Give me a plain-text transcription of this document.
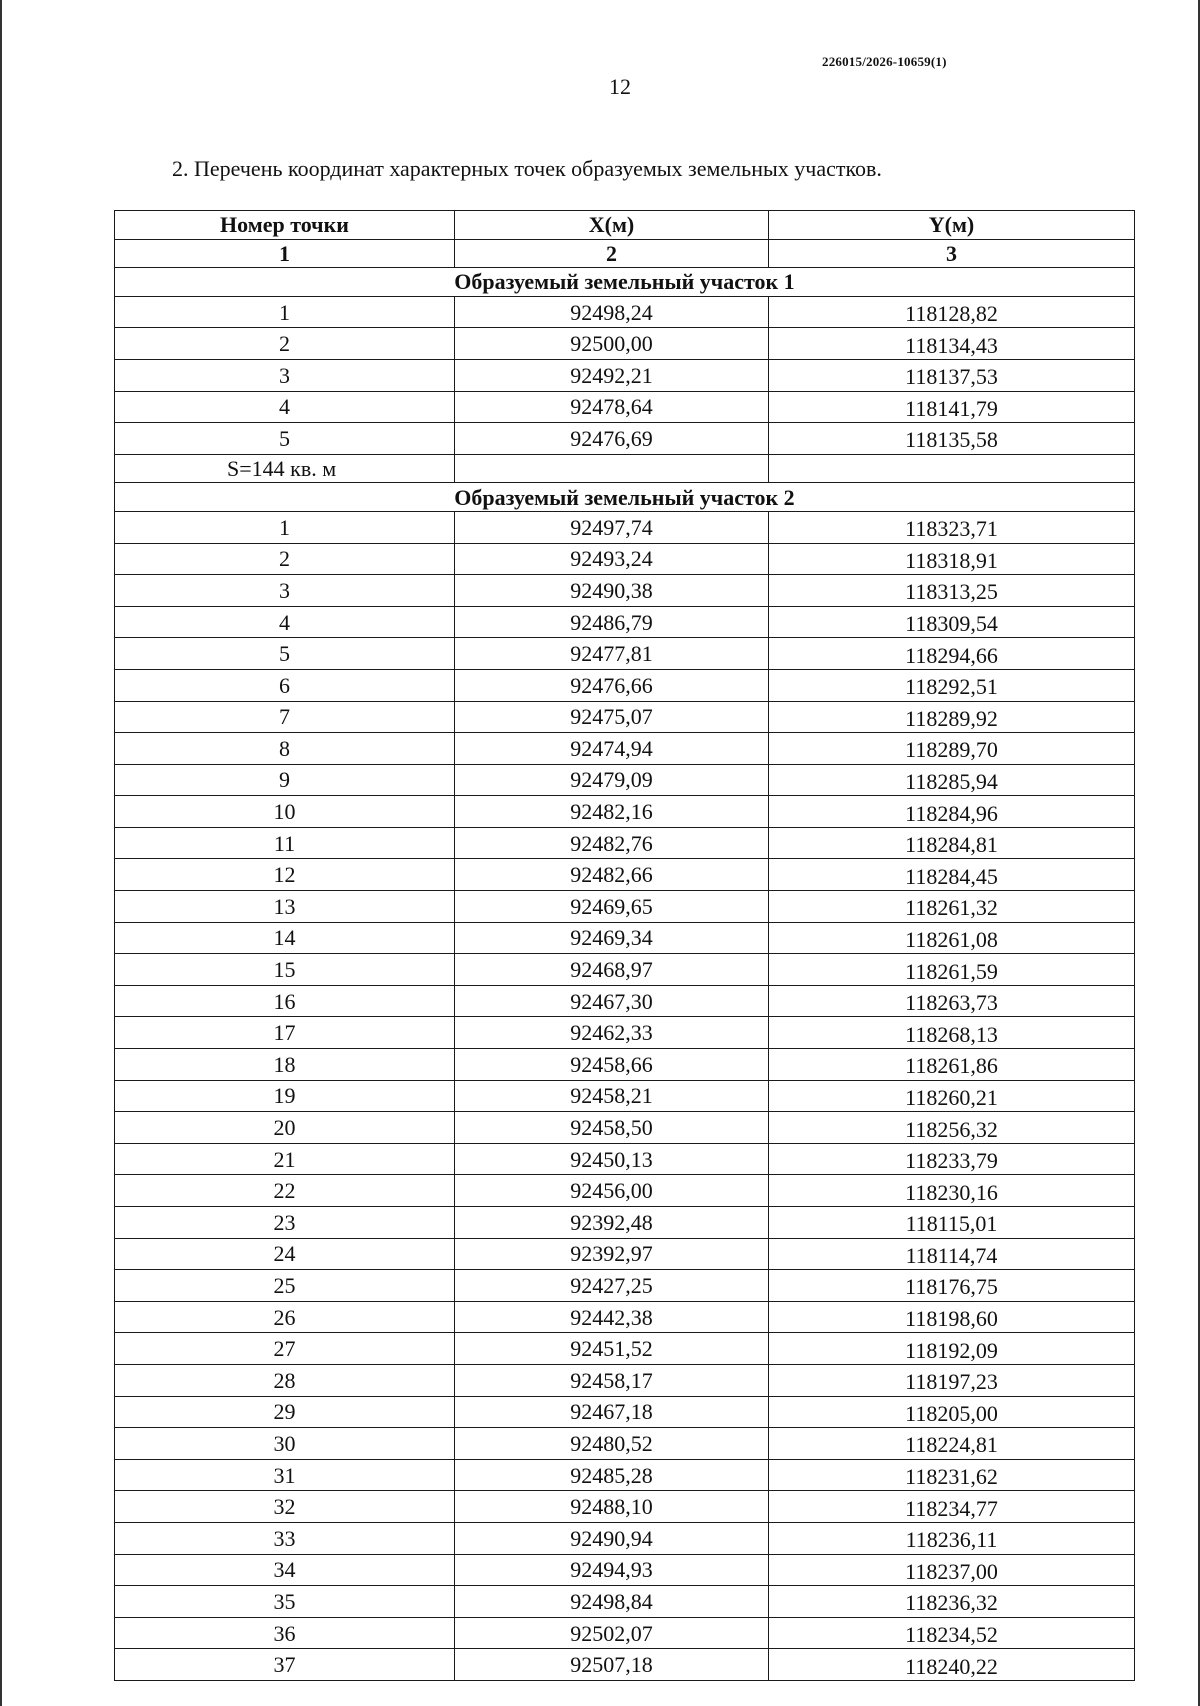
226015/2026-10659(1)
12
2. Перечень координат характерных точек образуемых земельных участков.
Номер точки	X(м)	Y(м)
1	2	3
Образуемый земельный участок 1		
1	92498,24	118128,82
2	92500,00	118134,43
3	92492,21	118137,53
4	92478,64	118141,79
5	92476,69	118135,58
S=144 кв. м		
Образуемый земельный участок 2		
1	92497,74	118323,71
2	92493,24	118318,91
3	92490,38	118313,25
4	92486,79	118309,54
5	92477,81	118294,66
6	92476,66	118292,51
7	92475,07	118289,92
8	92474,94	118289,70
9	92479,09	118285,94
10	92482,16	118284,96
11	92482,76	118284,81
12	92482,66	118284,45
13	92469,65	118261,32
14	92469,34	118261,08
15	92468,97	118261,59
16	92467,30	118263,73
17	92462,33	118268,13
18	92458,66	118261,86
19	92458,21	118260,21
20	92458,50	118256,32
21	92450,13	118233,79
22	92456,00	118230,16
23	92392,48	118115,01
24	92392,97	118114,74
25	92427,25	118176,75
26	92442,38	118198,60
27	92451,52	118192,09
28	92458,17	118197,23
29	92467,18	118205,00
30	92480,52	118224,81
31	92485,28	118231,62
32	92488,10	118234,77
33	92490,94	118236,11
34	92494,93	118237,00
35	92498,84	118236,32
36	92502,07	118234,52
37	92507,18	118240,22
